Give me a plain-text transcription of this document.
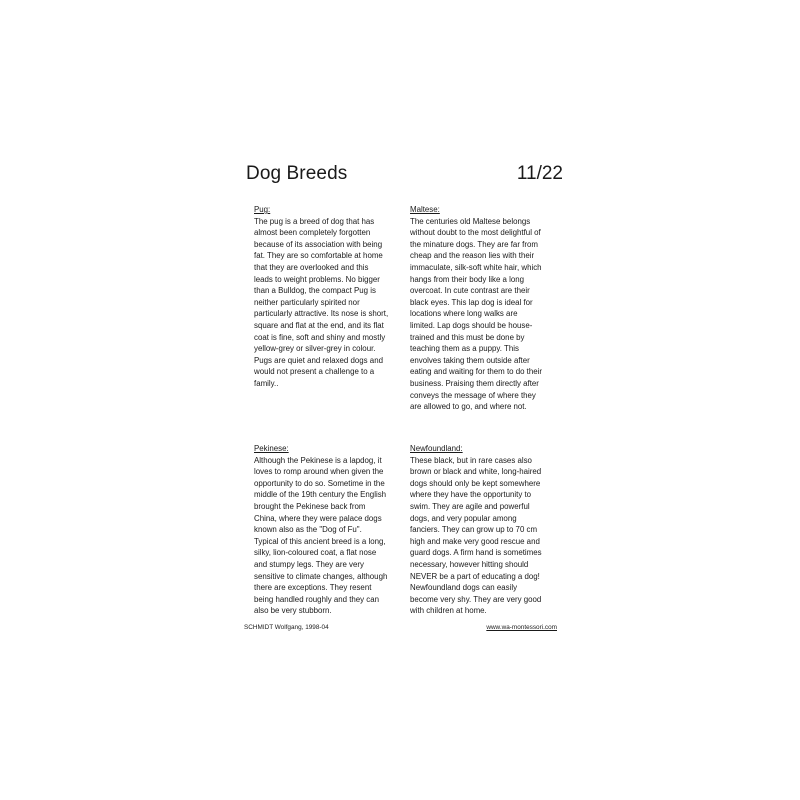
Dog Breeds	11/22
Pug:
The pug is a breed of dog that has
almost been completely forgotten
because of its association with being
fat. They are so comfortable at home
that they are overlooked and this
leads to weight problems. No bigger
than a Bulldog, the compact Pug is
neither particularly spirited nor
particularly attractive. Its nose is short,
square and flat at the end, and its flat
coat is fine, soft and shiny and mostly
yellow-grey or silver-grey in colour.
Pugs are quiet and relaxed dogs and
would not present a challenge to a
family..
Maltese:
The centuries old Maltese belongs
without doubt to the most delightful of
the minature dogs. They are far from
cheap and the reason lies with their
immaculate, silk-soft white hair, which
hangs from their body like a long
overcoat. In cute contrast are their
black eyes. This lap dog is ideal for
locations where long walks are
limited. Lap dogs should be house-
trained and this must be done by
teaching them as a puppy. This
envolves taking them outside after
eating and waiting for them to do their
business. Praising them directly after
conveys the message of where they
are allowed to go, and where not.
Pekinese:
Although the Pekinese is a lapdog, it
loves to romp around when given the
opportunity to do so. Sometime in the
middle of the 19th century the English
brought the Pekinese back from
China, where they were palace dogs
known also as the "Dog of Fu".
Typical of this ancient breed is a long,
silky, lion-coloured coat, a flat nose
and stumpy legs. They are very
sensitive to climate changes, although
there are exceptions. They resent
being handled roughly and they can
also be very stubborn.
Newfoundland:
These black, but in rare cases also
brown or black and white, long-haired
dogs should only be kept somewhere
where they have the opportunity to
swim. They are agile and powerful
dogs, and very popular among
fanciers. They can grow up to 70 cm
high and make very good rescue and
guard dogs. A firm hand is sometimes
necessary, however hitting should
NEVER be a part of educating a dog!
Newfoundland dogs can easily
become very shy. They are very good
with children at home.
SCHMIDT Wolfgang, 1998-04	www.wa-montessori.com
